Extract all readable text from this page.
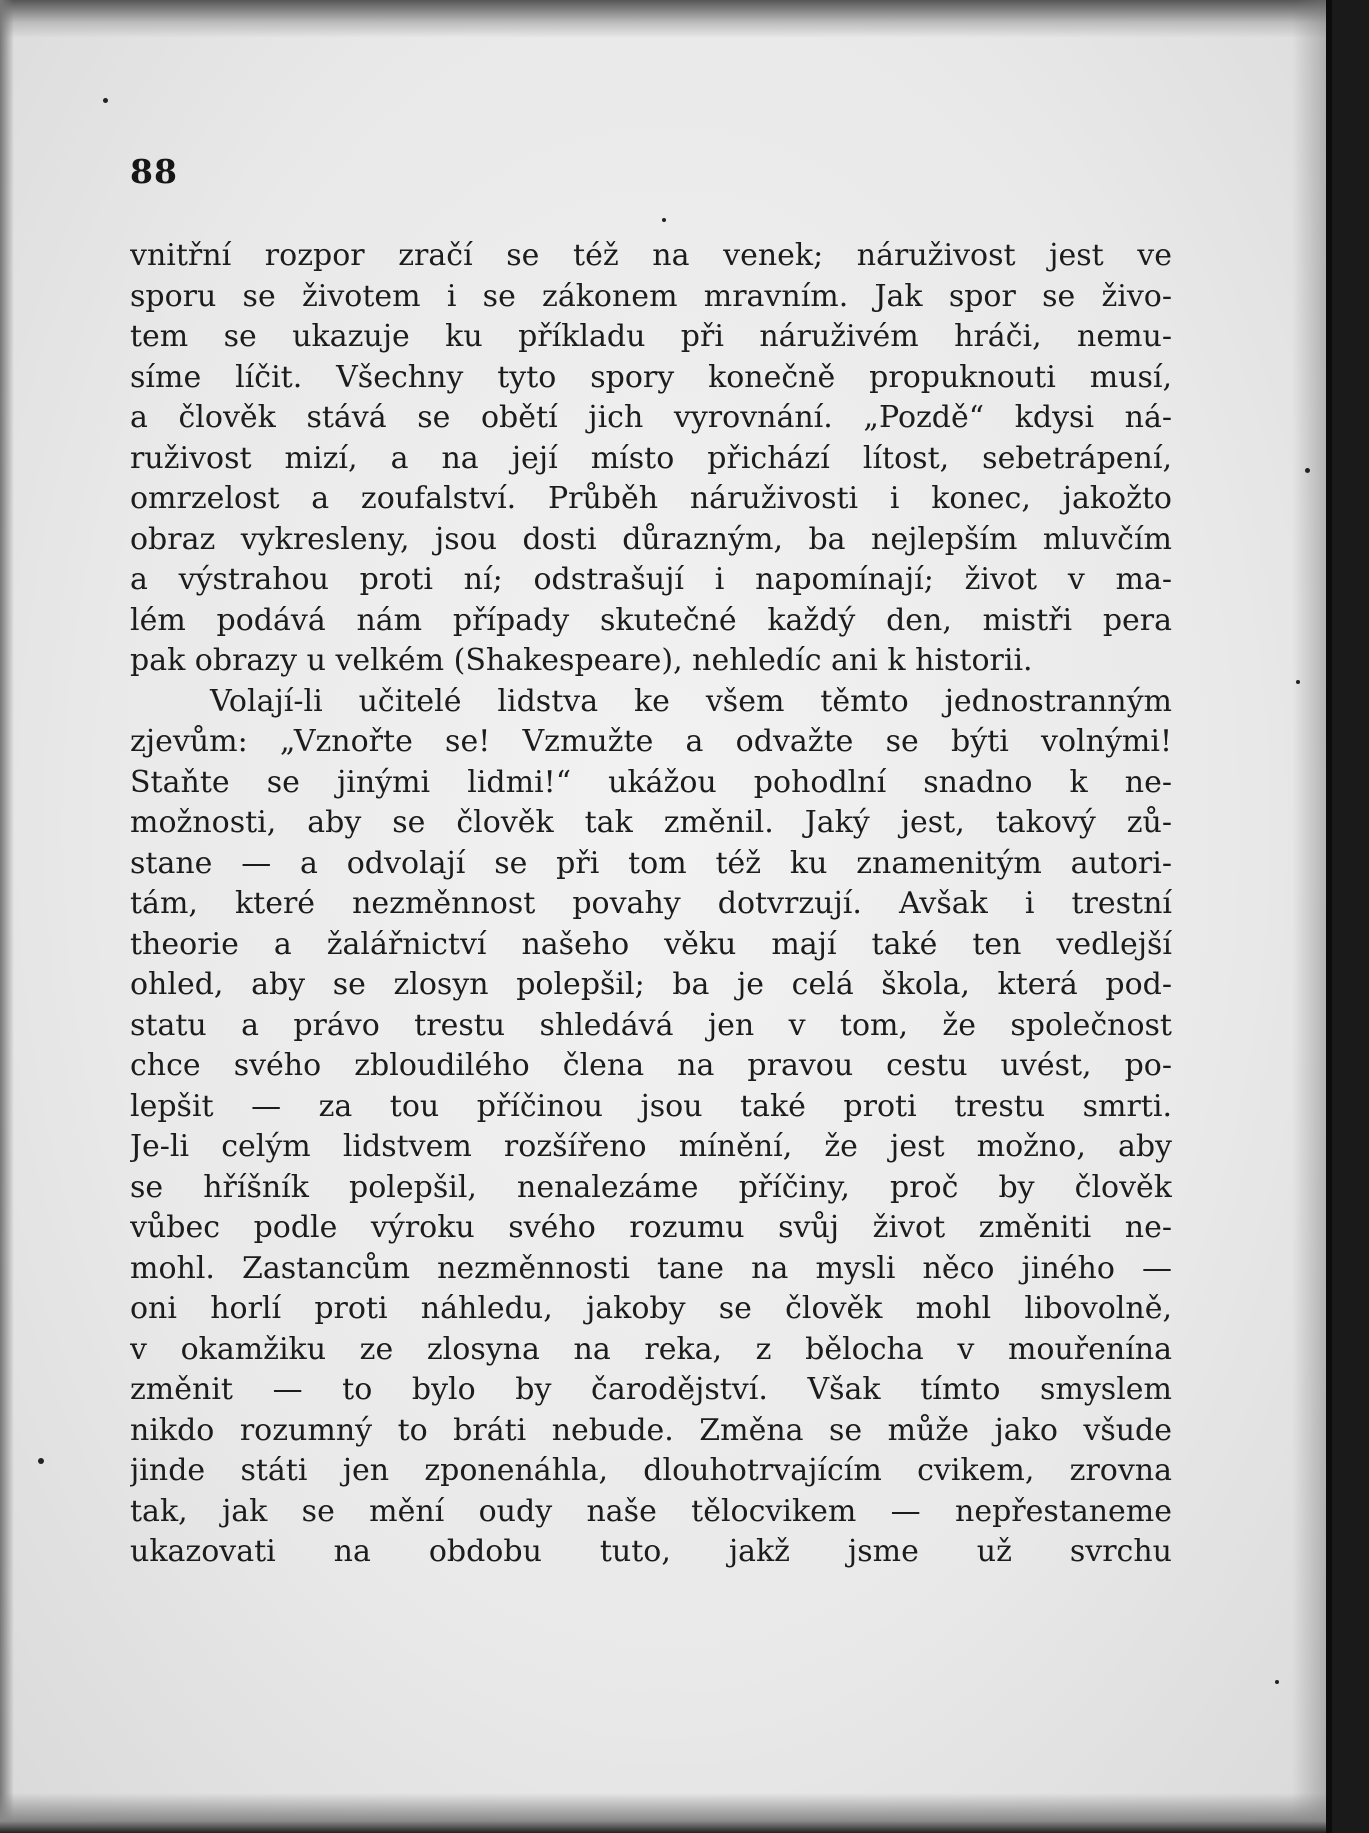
88
vnitřní rozpor zračí se též na venek; náruživost jest ve
sporu se životem i se zákonem mravním. Jak spor se živo-
tem se ukazuje ku příkladu při náruživém hráči, nemu-
síme líčit. Všechny tyto spory konečně propuknouti musí,
a člověk stává se obětí jich vyrovnání. „Pozdě“ kdysi ná-
ruživost mizí, a na její místo přichází lítost, sebetrápení,
omrzelost a zoufalství. Průběh náruživosti i konec, jakožto
obraz vykresleny, jsou dosti důrazným, ba nejlepším mluvčím
a výstrahou proti ní; odstrašují i napomínají; život v ma-
lém podává nám případy skutečné každý den, mistři pera
pak obrazy u velkém (Shakespeare), nehledíc ani k historii.
Volají-li učitelé lidstva ke všem těmto jednostranným
zjevům: „Vznořte se! Vzmužte a odvažte se býti volnými!
Staňte se jinými lidmi!“ ukážou pohodlní snadno k ne-
možnosti, aby se člověk tak změnil. Jaký jest, takový zů-
stane — a odvolají se při tom též ku znamenitým autori-
tám, které nezměnnost povahy dotvrzují. Avšak i trestní
theorie a žalářnictví našeho věku mají také ten vedlejší
ohled, aby se zlosyn polepšil; ba je celá škola, která pod-
statu a právo trestu shledává jen v tom, že společnost
chce svého zbloudilého člena na pravou cestu uvést, po-
lepšit — za tou příčinou jsou také proti trestu smrti.
Je-li celým lidstvem rozšířeno mínění, že jest možno, aby
se hříšník polepšil, nenalezáme příčiny, proč by člověk
vůbec podle výroku svého rozumu svůj život změniti ne-
mohl. Zastancům nezměnnosti tane na mysli něco jiného —
oni horlí proti náhledu, jakoby se člověk mohl libovolně,
v okamžiku ze zlosyna na reka, z bělocha v mouřenína
změnit — to bylo by čarodějství. Však tímto smyslem
nikdo rozumný to bráti nebude. Změna se může jako všude
jinde státi jen zponenáhla, dlouhotrvajícím cvikem, zrovna
tak, jak se mění oudy naše tělocvikem — nepřestaneme
ukazovati na obdobu tuto, jakž jsme už svrchu
